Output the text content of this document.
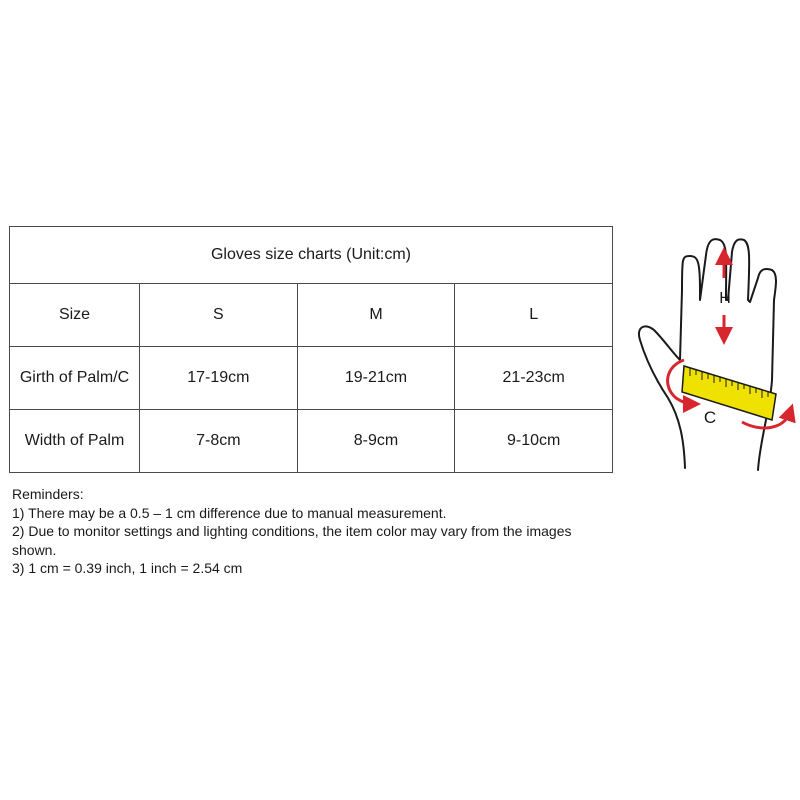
Gloves size charts (Unit:cm)			
Size	S	M	L
Girth of Palm/C	17-19cm	19-21cm	21-23cm
Width of Palm	7-8cm	8-9cm	9-10cm
Reminders:
1) There may be a 0.5 – 1 cm difference due to manual measurement.
2) Due to monitor settings and lighting conditions, the item color may vary from the images shown.
3) 1 cm = 0.39 inch, 1 inch = 2.54 cm
H
C
